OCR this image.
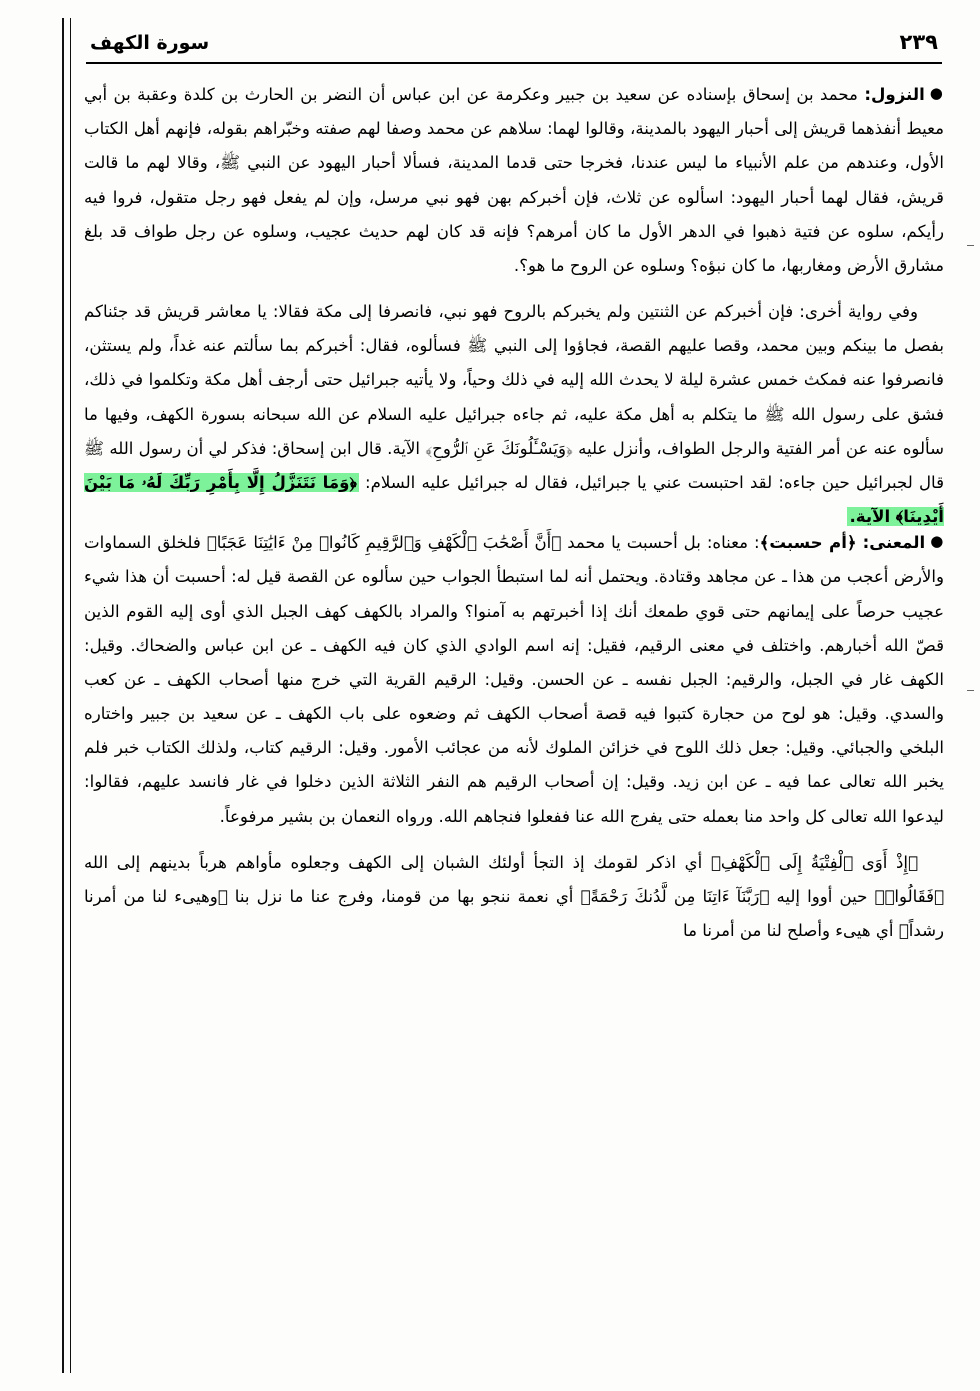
سورة الكهف	٢٣٩

●النزول: محمد بن إسحاق بإسناده عن سعيد بن جبير وعكرمة عن ابن عباس أن النضر بن الحارث بن كلدة وعقبة بن أبي معيط أنفذهما قريش إلى أحبار اليهود بالمدينة، وقالوا لهما: سلاهم عن محمد وصفا لهم صفته وخبّراهم بقوله، فإنهم أهل الكتاب الأول، وعندهم من علم الأنبياء ما ليس عندنا، فخرجا حتى قدما المدينة، فسألا أحبار اليهود عن النبي ﷺ، وقالا لهم ما قالت قريش، فقال لهما أحبار اليهود: اسألوه عن ثلاث، فإن أخبركم بهن فهو نبي مرسل، وإن لم يفعل فهو رجل متقول، فروا فيه رأيكم، سلوه عن فتية ذهبوا في الدهر الأول ما كان أمرهم؟ فإنه قد كان لهم حديث عجيب، وسلوه عن رجل طواف قد بلغ مشارق الأرض ومغاربها، ما كان نبؤه؟ وسلوه عن الروح ما هو؟.

وفي رواية أخرى: فإن أخبركم عن الثنتين ولم يخبركم بالروح فهو نبي، فانصرفا إلى مكة فقالا: يا معاشر قريش قد جئناكم بفصل ما بينكم وبين محمد، وقصا عليهم القصة، فجاؤوا إلى النبي ﷺ فسألوه، فقال: أخبركم بما سألتم عنه غداً، ولم يستثن، فانصرفوا عنه فمكث خمس عشرة ليلة لا يحدث الله إليه في ذلك وحياً، ولا يأتيه جبرائيل حتى أرجف أهل مكة وتكلموا في ذلك، فشق على رسول الله ﷺ ما يتكلم به أهل مكة عليه، ثم جاءه جبرائيل عليه السلام عن الله سبحانه بسورة الكهف، وفيها ما سألوه عنه عن أمر الفتية والرجل الطواف، وأنزل عليه ﴿وَيَسْـَٔلُونَكَ عَنِ ٱلرُّوحِ﴾ الآية. قال ابن إسحاق: فذكر لي أن رسول الله ﷺ قال لجبرائيل حين جاءه: لقد احتبست عني يا جبرائيل، فقال له جبرائيل عليه السلام: ﴿وَمَا نَتَنَزَّلُ إِلَّا بِأَمْرِ رَبِّكَ لَهُۥ مَا بَيْنَ أَيْدِينَا﴾ الآية.

●المعنى: ﴿أم حسبت﴾: معناه: بل أحسبت يا محمد ﴿أَنَّ أَصْحَٰبَ ٱلْكَهْفِ وَٱلرَّقِيمِ كَانُوا۟ مِنْ ءَايَٰتِنَا عَجَبًا﴾ فلخلق السماوات والأرض أعجب من هذا ـ عن مجاهد وقتادة. ويحتمل أنه لما استبطأ الجواب حين سألوه عن القصة قيل له: أحسبت أن هذا شيء عجيب حرصاً على إيمانهم حتى قوي طمعك أنك إذا أخبرتهم به آمنوا؟ والمراد بالكهف كهف الجبل الذي أوى إليه القوم الذين قصّ الله أخبارهم. واختلف في معنى الرقيم، فقيل: إنه اسم الوادي الذي كان فيه الكهف ـ عن ابن عباس والضحاك. وقيل: الكهف غار في الجبل، والرقيم: الجبل نفسه ـ عن الحسن. وقيل: الرقيم القرية التي خرج منها أصحاب الكهف ـ عن كعب والسدي. وقيل: هو لوح من حجارة كتبوا فيه قصة أصحاب الكهف ثم وضعوه على باب الكهف ـ عن سعيد بن جبير واختاره البلخي والجبائي. وقيل: جعل ذلك اللوح في خزائن الملوك لأنه من عجائب الأمور. وقيل: الرقيم كتاب، ولذلك الكتاب خبر فلم يخبر الله تعالى عما فيه ـ عن ابن زيد. وقيل: إن أصحاب الرقيم هم النفر الثلاثة الذين دخلوا في غار فانسد عليهم، فقالوا: ليدعوا الله تعالى كل واحد منا بعمله حتى يفرج الله عنا ففعلوا فنجاهم الله. ورواه النعمان بن بشير مرفوعاً.

﴿إِذْ أَوَى ٱلْفِتْيَةُ إِلَى ٱلْكَهْفِ﴾ أي اذكر لقومك إذ التجأ أولئك الشبان إلى الكهف وجعلوه مأواهم هرباً بدينهم إلى الله ﴿فَقَالُوا۟﴾ حين أووا إليه ﴿رَبَّنَآ ءَاتِنَا مِن لَّدُنكَ رَحْمَةً﴾ أي نعمة ننجو بها من قومنا، وفرج عنا ما نزل بنا ﴿وهيىء لنا من أمرنا رشداً﴾ أي هيىء وأصلح لنا من أمرنا ما
